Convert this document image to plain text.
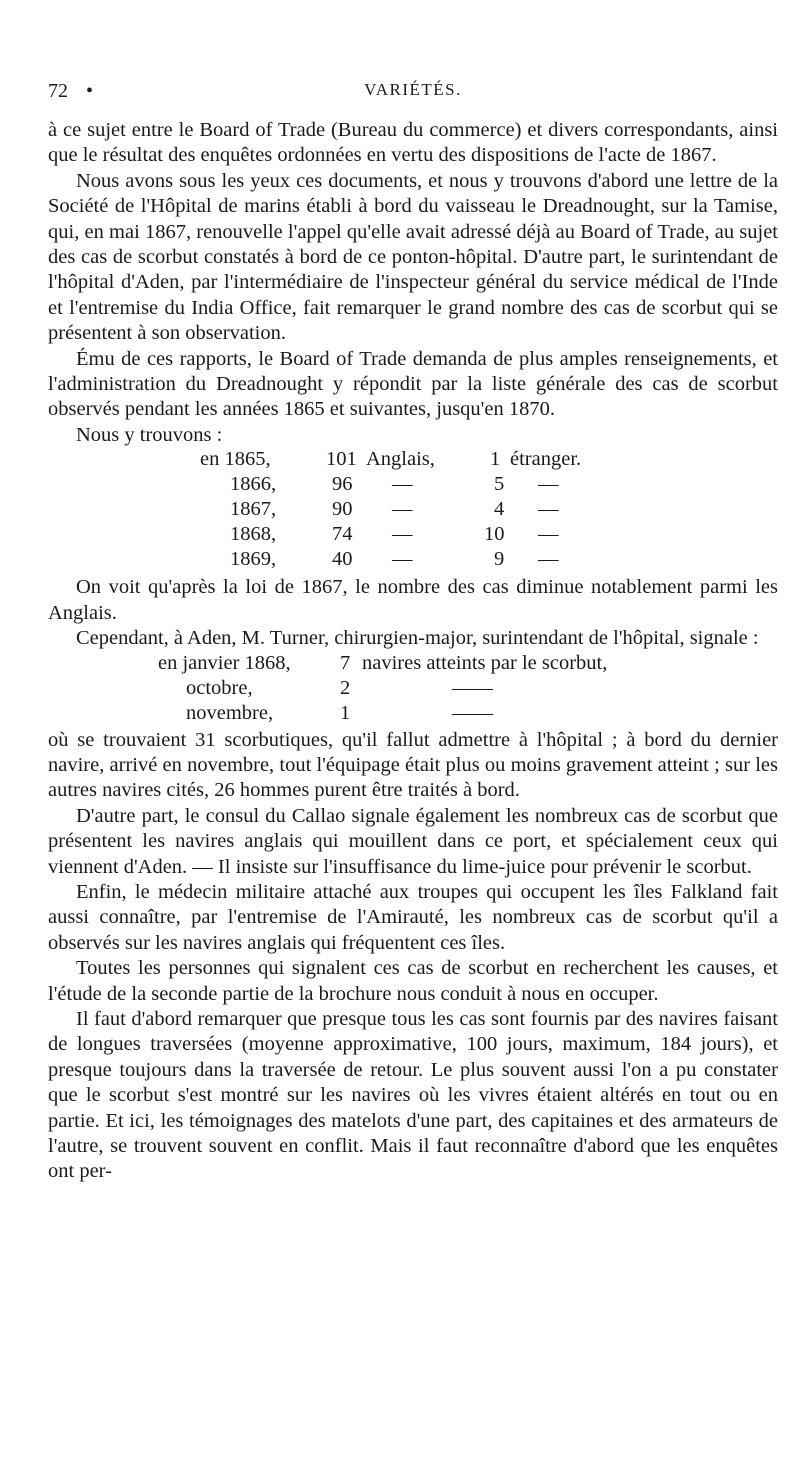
72 •	VARIÉTÉS.

à ce sujet entre le Board of Trade (Bureau du commerce) et divers correspondants, ainsi que le résultat des enquêtes ordonnées en vertu des dispositions de l'acte de 1867.

Nous avons sous les yeux ces documents, et nous y trouvons d'abord une lettre de la Société de l'Hôpital de marins établi à bord du vaisseau le Dreadnought, sur la Tamise, qui, en mai 1867, renouvelle l'appel qu'elle avait adressé déjà au Board of Trade, au sujet des cas de scorbut constatés à bord de ce ponton-hôpital. D'autre part, le surintendant de l'hôpital d'Aden, par l'intermédiaire de l'inspecteur général du service médical de l'Inde et l'entremise du India Office, fait remarquer le grand nombre des cas de scorbut qui se présentent à son observation.

Ému de ces rapports, le Board of Trade demanda de plus amples renseignements, et l'administration du Dreadnought y répondit par la liste générale des cas de scorbut observés pendant les années 1865 et suivantes, jusqu'en 1870.

Nous y trouvons :

en 1865,	101 Anglais,	1 étranger.
1866,	96 —	5 —
1867,	90 —	4 —
1868,	74 —	10 —
1869,	40 —	9 —

On voit qu'après la loi de 1867, le nombre des cas diminue notablement parmi les Anglais.

Cependant, à Aden, M. Turner, chirurgien-major, surintendant de l'hôpital, signale :

en janvier 1868, 7 navires atteints par le scorbut,
octobre,	2	——
novembre,	1	——

où se trouvaient 31 scorbutiques, qu'il fallut admettre à l'hôpital ; à bord du dernier navire, arrivé en novembre, tout l'équipage était plus ou moins gravement atteint ; sur les autres navires cités, 26 hommes purent être traités à bord.

D'autre part, le consul du Callao signale également les nombreux cas de scorbut que présentent les navires anglais qui mouillent dans ce port, et spécialement ceux qui viennent d'Aden. — Il insiste sur l'insuffisance du lime-juice pour prévenir le scorbut.

Enfin, le médecin militaire attaché aux troupes qui occupent les îles Falkland fait aussi connaître, par l'entremise de l'Amirauté, les nombreux cas de scorbut qu'il a observés sur les navires anglais qui fréquentent ces îles.

Toutes les personnes qui signalent ces cas de scorbut en recherchent les causes, et l'étude de la seconde partie de la brochure nous conduit à nous en occuper.

Il faut d'abord remarquer que presque tous les cas sont fournis par des navires faisant de longues traversées (moyenne approximative, 100 jours, maximum, 184 jours), et presque toujours dans la traversée de retour. Le plus souvent aussi l'on a pu constater que le scorbut s'est montré sur les navires où les vivres étaient altérés en tout ou en partie. Et ici, les témoignages des matelots d'une part, des capitaines et des armateurs de l'autre, se trouvent souvent en conflit. Mais il faut reconnaître d'abord que les enquêtes ont per-
